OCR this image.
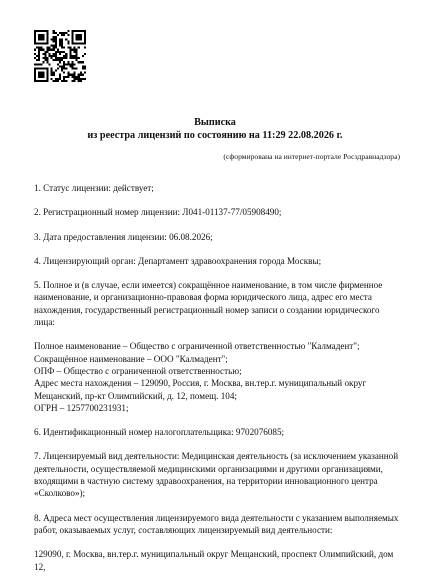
Выписка
из реестра лицензий по состоянию на 11:29 22.08.2026 г.
(сформирована на интернет-портале Росздравнадзора)

1. Статус лицензии: действует;

2. Регистрационный номер лицензии: Л041-01137-77/05908490;

3. Дата предоставления лицензии: 06.08.2026;

4. Лицензирующий орган: Департамент здравоохранения города Москвы;

5. Полное и (в случае, если имеется) сокращённое наименование, в том числе фирменное наименование, и организационно-правовая форма юридического лица, адрес его места нахождения, государственный регистрационный номер записи о создании юридического лица:

Полное наименование – Общество с ограниченной ответственностью "Калмадент";

Сокращённое наименование – ООО "Калмадент";

ОПФ – Общество с ограниченной ответственностью;

Адрес места нахождения – 129090, Россия, г. Москва, вн.тер.г. муниципальный округ Мещанский, пр-кт Олимпийский, д. 12, помещ. 104;

ОГРН – 1257700231931;

6. Идентификационный номер налогоплательщика: 9702076085;

7. Лицензируемый вид деятельности: Медицинская деятельность (за исключением указанной деятельности, осуществляемой медицинскими организациями и другими организациями, входящими в частную систему здравоохранения, на территории инновационного центра «Сколково»);

8. Адреса мест осуществления лицензируемого вида деятельности с указанием выполняемых работ, оказываемых услуг, составляющих лицензируемый вид деятельности:

129090, г. Москва, вн.тер.г. муниципальный округ Мещанский, проспект Олимпийский, дом 12,
